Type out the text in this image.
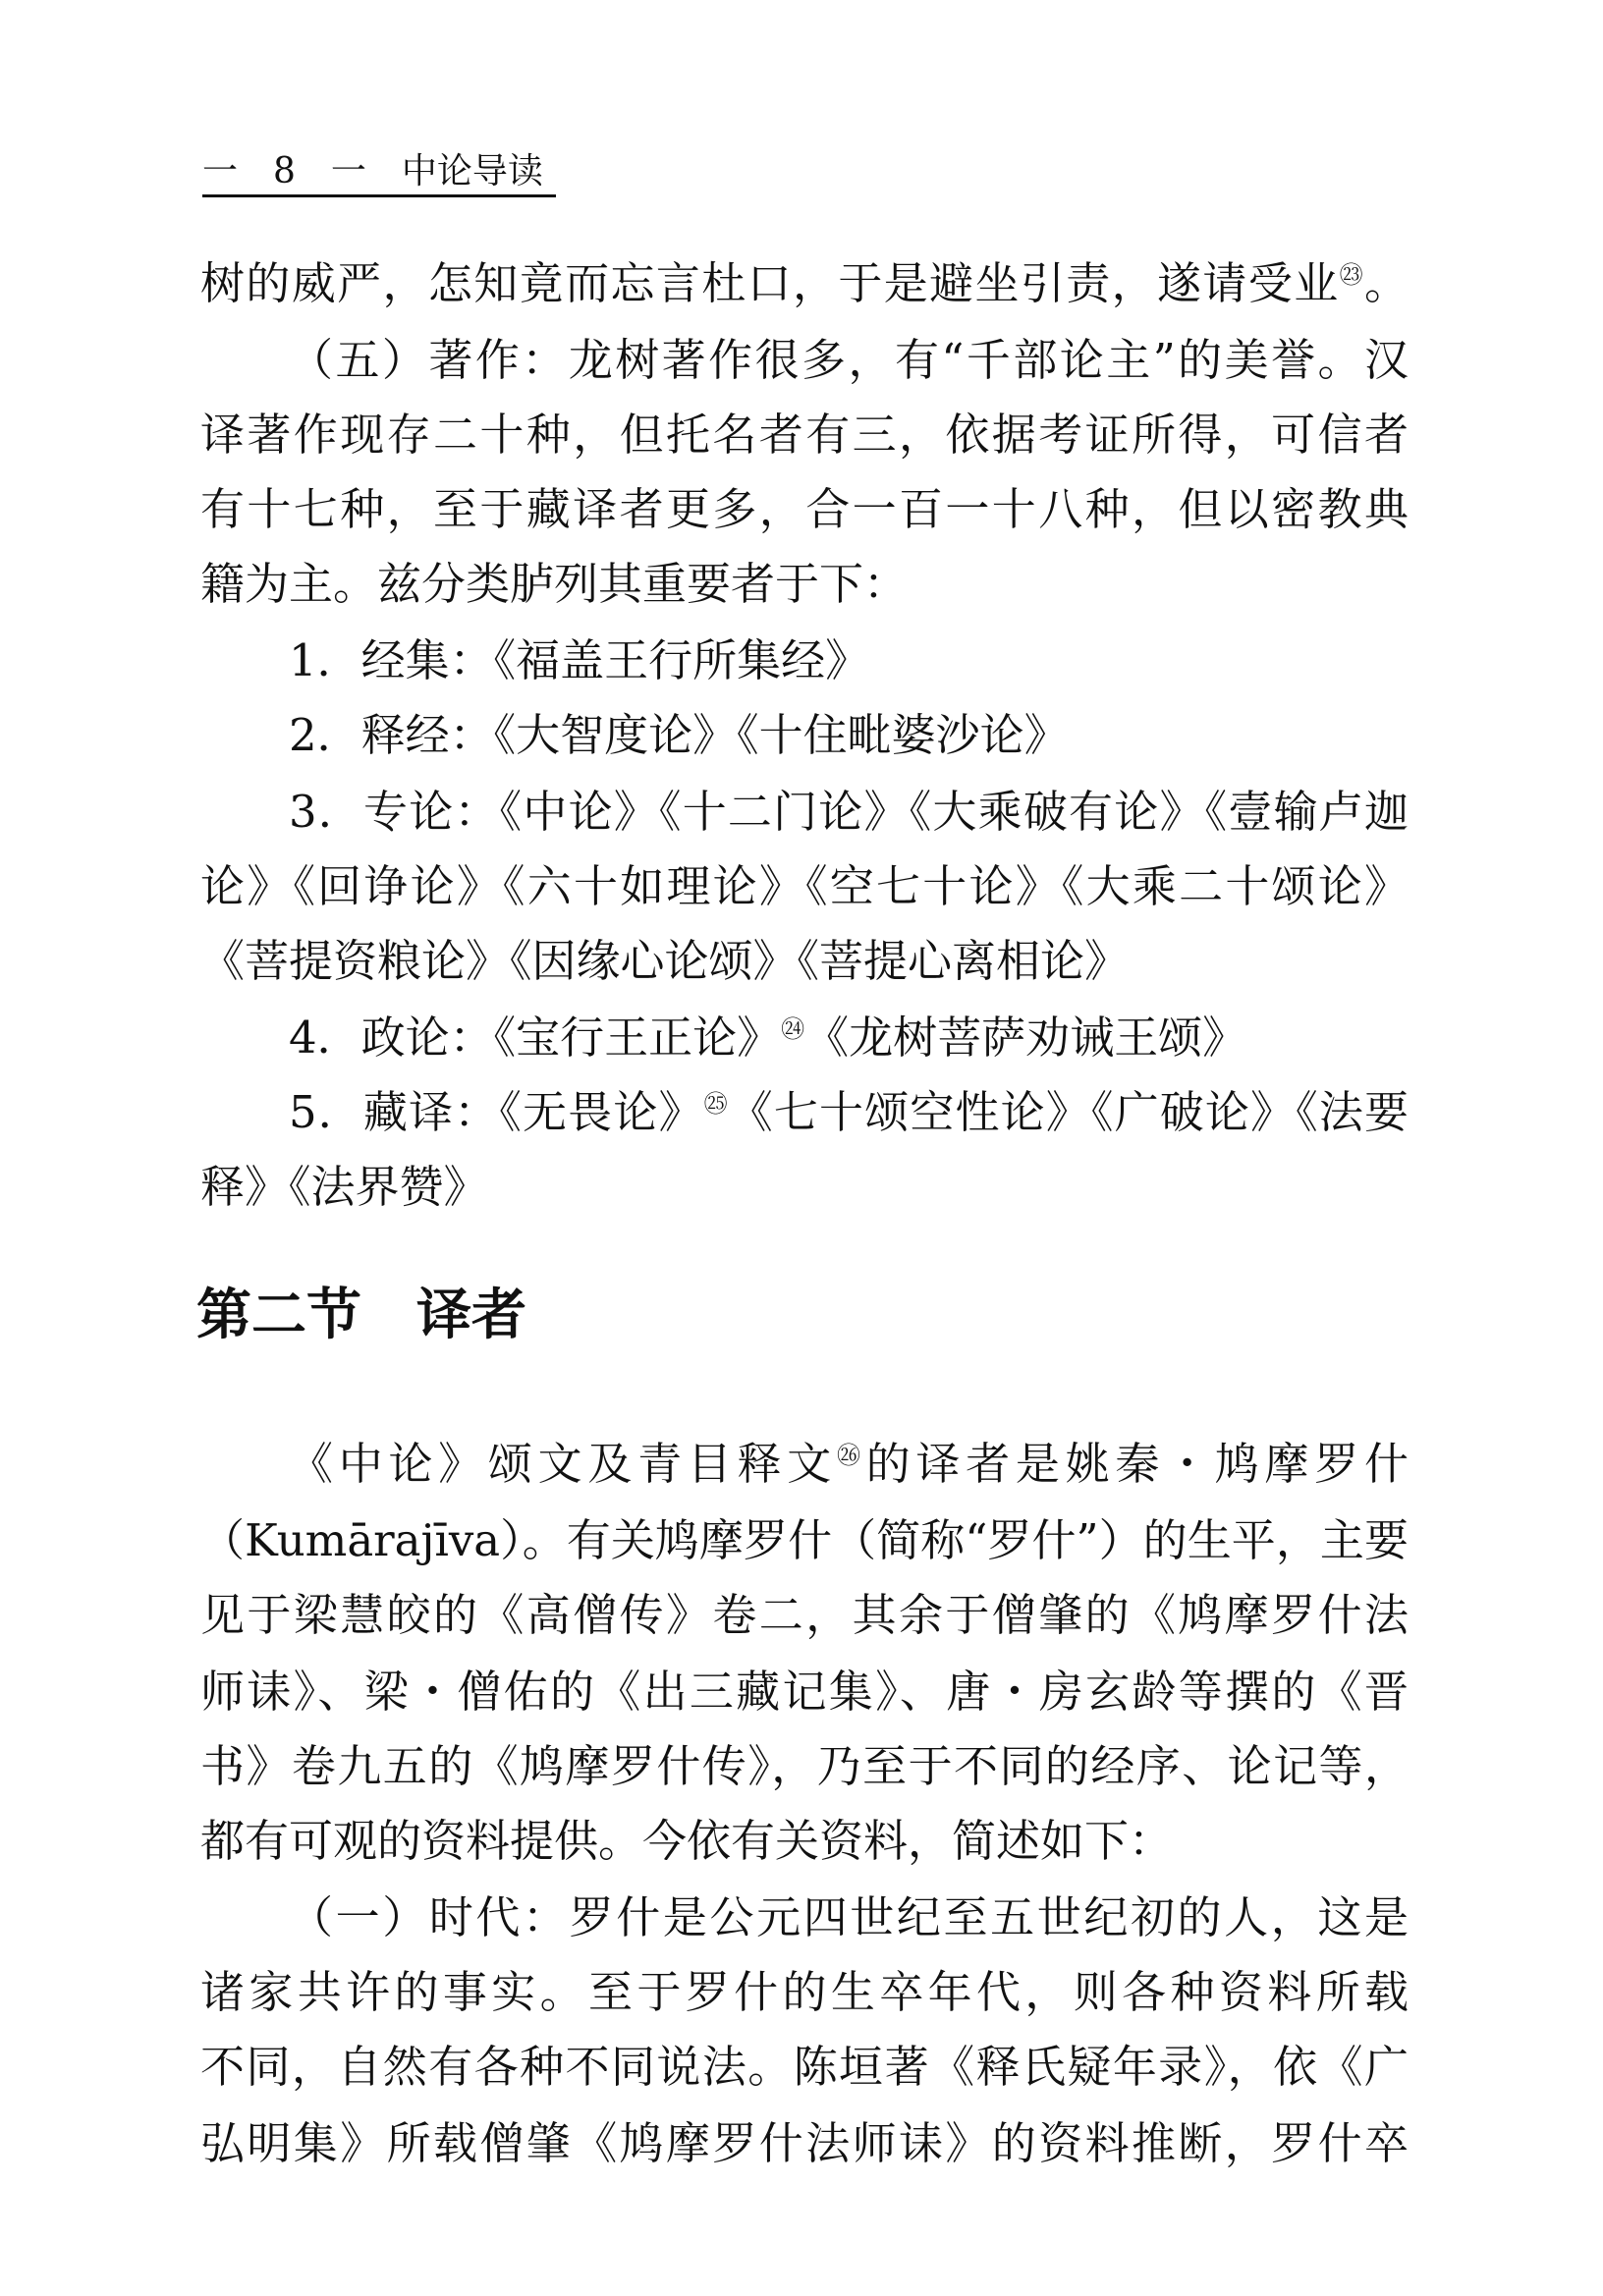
一　8　一　 中论导读
树的威严，怎知竟而忘言杜口，于是避坐引责，遂请受业$^㉓$。
（五）著作：龙树著作很多，有“千部论主”的美誉。汉
译著作现存二十种，但托名者有三，依据考证所得，可信者
有十七种，至于藏译者更多，合一百一十八种，但以密教典
籍为主。兹分类胪列其重要者于下：
1．经集：《福盖王行所集经》
2．释经：《大智度论》《十住毗婆沙论》
3．专论：《中论》《十二门论》《大乘破有论》《壹输卢迦
论》《回诤论》《六十如理论》《空七十论》《大乘二十颂论》
《菩提资粮论》《因缘心论颂》《菩提心离相论》
4．政论：《宝行王正论》$^㉔$《龙树菩萨劝诫王颂》
5．藏译：《无畏论》$^㉕$《七十颂空性论》《广破论》《法要
释》《法界赞》
第二节　译者
《中论》颂文及青目释文$^㉖$的译者是姚秦・鸠摩罗什
（Kumārajīva）。有关鸠摩罗什（简称“罗什”）的生平，主要
见于梁慧皎的《高僧传》卷二，其余于僧肇的《鸠摩罗什法
师诔》、梁・僧佑的《出三藏记集》、唐・房玄龄等撰的《晋
书》卷九五的《鸠摩罗什传》，乃至于不同的经序、论记等，
都有可观的资料提供。今依有关资料，简述如下：
（一）时代：罗什是公元四世纪至五世纪初的人，这是
诸家共许的事实。至于罗什的生卒年代，则各种资料所载
不同，自然有各种不同说法。陈垣著《释氏疑年录》，依《广
弘明集》所载僧肇《鸠摩罗什法师诔》的资料推断，罗什卒
